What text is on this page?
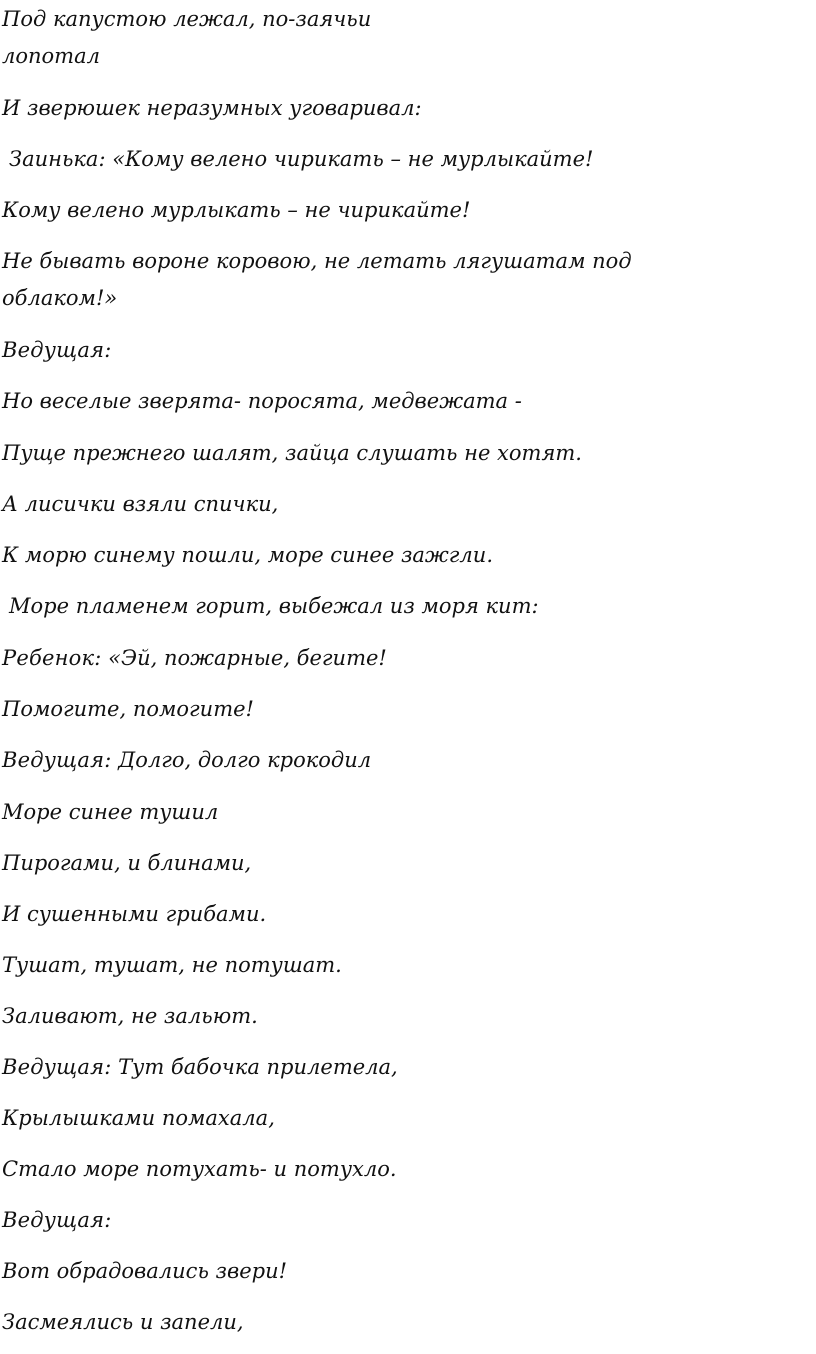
Под капустою лежал, по-заячьи
лопотал
И зверюшек неразумных уговаривал:
Заинька: «Кому велено чирикать – не мурлыкайте!
Кому велено мурлыкать – не чирикайте!
Не бывать вороне коровою, не летать лягушатам под
облаком!»
Ведущая:
Но веселые зверята- поросята, медвежата -
Пуще прежнего шалят, зайца слушать не хотят.
А лисички взяли спички,
К морю синему пошли, море синее зажгли.
Море пламенем горит, выбежал из моря кит:
Ребенок: «Эй, пожарные, бегите!
Помогите, помогите!
Ведущая: Долго, долго крокодил
Море синее тушил
Пирогами, и блинами,
И сушенными грибами.
Тушат, тушат, не потушат.
Заливают, не зальют.
Ведущая: Тут бабочка прилетела,
Крылышками помахала,
Стало море потухать- и потухло.
Ведущая:
Вот обрадовались звери!
Засмеялись и запели,
